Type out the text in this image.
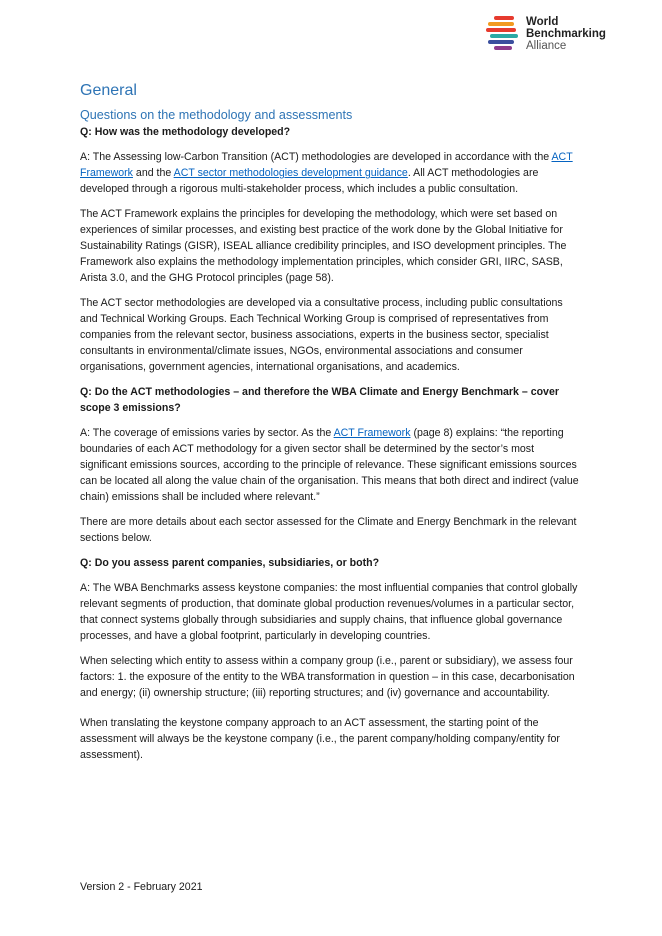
World
Benchmarking
Alliance
General
Questions on the methodology and assessments

Q: How was the methodology developed?

A: The Assessing low-Carbon Transition (ACT) methodologies are developed in accordance with the ACT Framework and the ACT sector methodologies development guidance. All ACT methodologies are developed through a rigorous multi-stakeholder process, which includes a public consultation.

The ACT Framework explains the principles for developing the methodology, which were set based on experiences of similar processes, and existing best practice of the work done by the Global Initiative for Sustainability Ratings (GISR), ISEAL alliance credibility principles, and ISO development principles. The Framework also explains the methodology implementation principles, which consider GRI, IIRC, SASB, Arista 3.0, and the GHG Protocol principles (page 58).

The ACT sector methodologies are developed via a consultative process, including public consultations and Technical Working Groups. Each Technical Working Group is comprised of representatives from companies from the relevant sector, business associations, experts in the business sector, specialist consultants in environmental/climate issues, NGOs, environmental associations and consumer organisations, government agencies, international organisations, and academics.

Q: Do the ACT methodologies – and therefore the WBA Climate and Energy Benchmark – cover scope 3 emissions?

A: The coverage of emissions varies by sector. As the ACT Framework (page 8) explains: “the reporting boundaries of each ACT methodology for a given sector shall be determined by the sector’s most significant emissions sources, according to the principle of relevance. These significant emissions sources can be located all along the value chain of the organisation. This means that both direct and indirect (value chain) emissions shall be included where relevant.”

There are more details about each sector assessed for the Climate and Energy Benchmark in the relevant sections below.

Q: Do you assess parent companies, subsidiaries, or both?

A: The WBA Benchmarks assess keystone companies: the most influential companies that control globally relevant segments of production, that dominate global production revenues/volumes in a particular sector, that connect systems globally through subsidiaries and supply chains, that influence global governance processes, and have a global footprint, particularly in developing countries.

When selecting which entity to assess within a company group (i.e., parent or subsidiary), we assess four factors: 1. the exposure of the entity to the WBA transformation in question – in this case, decarbonisation and energy; (ii) ownership structure; (iii) reporting structures; and (iv) governance and accountability.

When translating the keystone company approach to an ACT assessment, the starting point of the assessment will always be the keystone company (i.e., the parent company/holding company/entity for assessment).

Version 2 - February 2021
